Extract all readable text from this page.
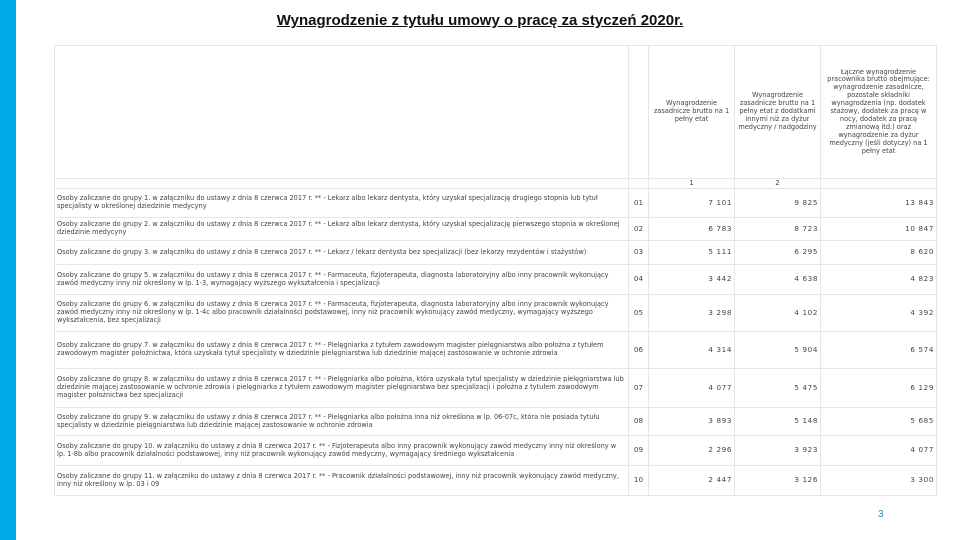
Wynagrodzenie z tytułu umowy o pracę za styczeń 2020r.
		Wynagrodzenie zasadnicze brutto na 1 pełny etat	Wynagrodzenie zasadnicze brutto na 1 pełny etat z dodatkami innymi niż za dyżur medyczny / nadgodziny	Łączne wynagrodzenie pracownika brutto obejmujące: wynagrodzenie zasadnicze, pozostałe składniki wynagrodzenia (np. dodatek stażowy, dodatek za pracę w nocy, dodatek za pracę zmianową itd.) oraz wynagrodzenie za dyżur medyczny (jeśli dotyczy) na 1 pełny etat
		1	2	
Osoby zaliczane do grupy 1. w załączniku do ustawy z dnia 8 czerwca 2017 r. ** - Lekarz albo lekarz dentysta, który uzyskał specjalizację drugiego stopnia lub tytuł specjalisty w określonej dziedzinie medycyny	01	7 101	9 825	13 843
Osoby zaliczane do grupy 2. w załączniku do ustawy z dnia 8 czerwca 2017 r. ** - Lekarz albo lekarz dentysta, który uzyskał specjalizację pierwszego stopnia w określonej dziedzinie medycyny	02	6 783	8 723	10 847
Osoby zaliczane do grupy 3. w załączniku do ustawy z dnia 8 czerwca 2017 r. ** - Lekarz / lekarz dentysta bez specjalizacji (bez lekarzy rezydentów i stażystów)	03	5 111	6 295	8 620
Osoby zaliczane do grupy 5. w załączniku do ustawy z dnia 8 czerwca 2017 r. ** - Farmaceuta, fizjoterapeuta, diagnosta laboratoryjny albo inny pracownik wykonujący zawód medyczny inny niż określony w lp. 1-3, wymagający wyższego wykształcenia i specjalizacji	04	3 442	4 638	4 823
Osoby zaliczane do grupy 6. w załączniku do ustawy z dnia 8 czerwca 2017 r. ** - Farmaceuta, fizjoterapeuta, diagnosta laboratoryjny albo inny pracownik wykonujący zawód medyczny inny niż określony w lp. 1-4c albo pracownik działalności podstawowej, inny niż pracownik wykonujący zawód medyczny, wymagający wyższego wykształcenia, bez specjalizacji	05	3 298	4 102	4 392
Osoby zaliczane do grupy 7. w załączniku do ustawy z dnia 8 czerwca 2017 r. ** - Pielęgniarka z tytułem zawodowym magister pielęgniarstwa albo położna z tytułem zawodowym magister położnictwa, która uzyskała tytuł specjalisty w dziedzinie pielęgniarstwa lub dziedzinie mającej zastosowanie w ochronie zdrowia	06	4 314	5 904	6 574
Osoby zaliczane do grupy 8. w załączniku do ustawy z dnia 8 czerwca 2017 r. ** - Pielęgniarka albo położna, która uzyskała tytuł specjalisty w dziedzinie pielęgniarstwa lub dziedzinie mającej zastosowanie w ochronie zdrowia i pielęgniarka z tytułem zawodowym magister pielęgniarstwa bez specjalizacji i położna z tytułem zawodowym magister położnictwa bez specjalizacji	07	4 077	5 475	6 129
Osoby zaliczane do grupy 9. w załączniku do ustawy z dnia 8 czerwca 2017 r. ** - Pielęgniarka albo położna inna niż określona w lp. 06-07c, która nie posiada tytułu specjalisty w dziedzinie pielęgniarstwa lub dziedzinie mającej zastosowanie w ochronie zdrowia	08	3 893	5 148	5 685
Osoby zaliczane do grupy 10. w załączniku do ustawy z dnia 8 czerwca 2017 r. ** - Fizjoterapeuta albo inny pracownik wykonujący zawód medyczny inny niż określony w lp. 1-8b albo pracownik działalności podstawowej, inny niż pracownik wykonujący zawód medyczny, wymagający średniego wykształcenia	09	2 296	3 923	4 077
Osoby zaliczane do grupy 11. w załączniku do ustawy z dnia 8 czerwca 2017 r. ** - Pracownik działalności podstawowej, inny niż pracownik wykonujący zawód medyczny, inny niż określony w lp. 03 i 09	10	2 447	3 126	3 300
3
